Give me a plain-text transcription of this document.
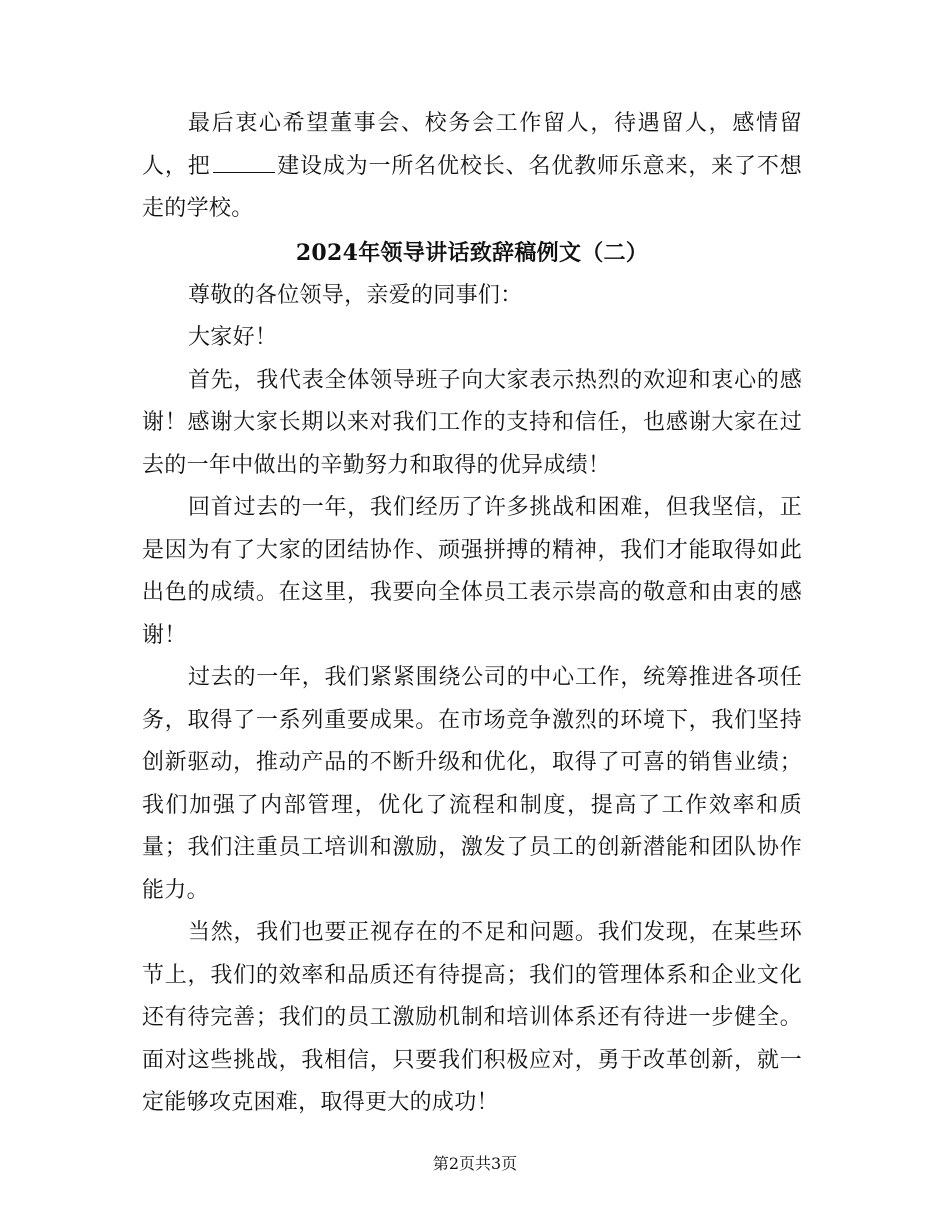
最后衷心希望董事会、校务会工作留人，待遇留人，感情留人，把	建设成为一所名优校长、名优教师乐意来，来了不想走的学校。

2024年领导讲话致辞稿例文（二）

尊敬的各位领导，亲爱的同事们：

大家好！

首先，我代表全体领导班子向大家表示热烈的欢迎和衷心的感谢！感谢大家长期以来对我们工作的支持和信任，也感谢大家在过去的一年中做出的辛勤努力和取得的优异成绩！

回首过去的一年，我们经历了许多挑战和困难，但我坚信，正是因为有了大家的团结协作、顽强拼搏的精神，我们才能取得如此出色的成绩。在这里，我要向全体员工表示崇高的敬意和由衷的感谢！

过去的一年，我们紧紧围绕公司的中心工作，统筹推进各项任务，取得了一系列重要成果。在市场竞争激烈的环境下，我们坚持创新驱动，推动产品的不断升级和优化，取得了可喜的销售业绩；我们加强了内部管理，优化了流程和制度，提高了工作效率和质量；我们注重员工培训和激励，激发了员工的创新潜能和团队协作能力。

当然，我们也要正视存在的不足和问题。我们发现，在某些环节上，我们的效率和品质还有待提高；我们的管理体系和企业文化还有待完善；我们的员工激励机制和培训体系还有待进一步健全。面对这些挑战，我相信，只要我们积极应对，勇于改革创新，就一定能够攻克困难，取得更大的成功！

第2页共3页
